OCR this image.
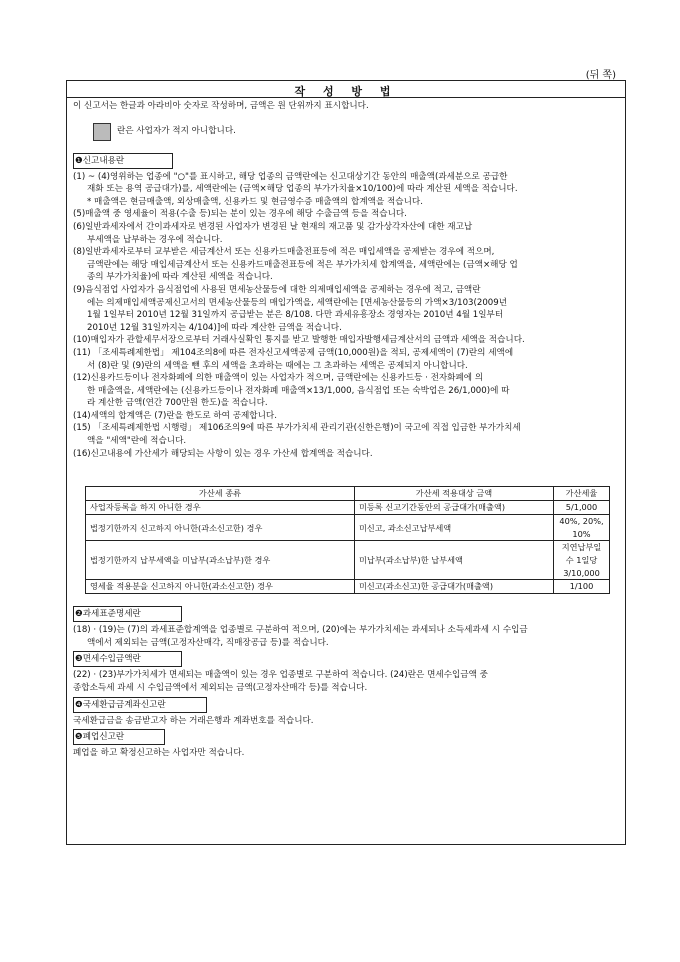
(뒤 쪽)
작 성 방 법

이 신고서는 한글과 아라비아 숫자로 작성하며, 금액은 원 단위까지 표시합니다.

란은 사업자가 적지 아니합니다.
❶신고내용란

(1) ~ (4)영위하는 업종에 "○"를 표시하고, 해당 업종의 금액란에는 신고대상기간 동안의 매출액(과세분으로 공급한

재화 또는 용역 공급대가)를, 세액란에는 (금액×해당 업종의 부가가치율×10/100)에 따라 계산된 세액을 적습니다.

* 매출액은 현금매출액, 외상매출액, 신용카드 및 현금영수증 매출액의 합계액을 적습니다.

(5)매출액 중 영세율이 적용(수출 등)되는 분이 있는 경우에 해당 수출금액 등을 적습니다.

(6)일반과세자에서 간이과세자로 변경된 사업자가 변경된 날 현재의 재고품 및 감가상각자산에 대한 재고납

부세액을 납부하는 경우에 적습니다.

(8)일반과세자로부터 교부받은 세금계산서 또는 신용카드매출전표등에 적은 매입세액을 공제받는 경우에 적으며,

금액란에는 해당 매입세금계산서 또는 신용카드매출전표등에 적은 부가가치세 합계액을, 세액란에는 (금액×해당 업

종의 부가가치율)에 따라 계산된 세액을 적습니다.

(9)음식점업 사업자가 음식점업에 사용된 면세농산물등에 대한 의제매입세액을 공제하는 경우에 적고, 금액란

에는 의제매입세액공제신고서의 면세농산물등의 매입가액을, 세액란에는 [면세농산물등의 가액×3/103(2009년

1월 1일부터 2010년 12월 31일까지 공급받는 분은 8/108. 다만 과세유흥장소 경영자는 2010년 4월 1일부터

2010년 12월 31일까지는 4/104)]에 따라 계산한 금액을 적습니다.

(10)매입자가 관할세무서장으로부터 거래사실확인 통지를 받고 발행한 매입자발행세금계산서의 금액과 세액을 적습니다.

(11) 「조세특례제한법」 제104조의8에 따른 전자신고세액공제 금액(10,000원)을 적되, 공제세액이 (7)란의 세액에

서 (8)란 및 (9)란의 세액을 뺀 후의 세액을 초과하는 때에는 그 초과하는 세액은 공제되지 아니합니다.

(12)신용카드등이나 전자화폐에 의한 매출액이 있는 사업자가 적으며, 금액란에는 신용카드등 · 전자화폐에 의

한 매출액을, 세액란에는 (신용카드등이나 전자화폐 매출액×13/1,000, 음식점업 또는 숙박업은 26/1,000)에 따

라 계산한 금액(연간 700만원 한도)을 적습니다.

(14)세액의 합계액은 (7)란을 한도로 하여 공제합니다.

(15) 「조세특례제한법 시행령」 제106조의9에 따른 부가가치세 관리기관(신한은행)이 국고에 직접 입금한 부가가치세

액을 "세액"란에 적습니다.

(16)신고내용에 가산세가 해당되는 사항이 있는 경우 가산세 합계액을 적습니다.

가산세 종류	가산세 적용대상 금액	가산세율
사업자등록을 하지 아니한 경우	미등록 신고기간동안의 공급대가(매출액)	5/1,000
법정기한까지 신고하지 아니한(과소신고한) 경우	미신고, 과소신고납부세액	40%, 20%, 10%
법정기한까지 납부세액을 미납부(과소납부)한 경우	미납부(과소납부)한 납부세액	지연납부일수 1일당 3/10,000
영세율 적용분을 신고하지 아니한(과소신고한) 경우	미신고(과소신고)한 공급대가(매출액)	1/100
❷과세표준명세란

(18) · (19)는 (7)의 과세표준합계액을 업종별로 구분하여 적으며, (20)에는 부가가치세는 과세되나 소득세과세 시 수입금

액에서 제외되는 금액(고정자산매각, 직매장공급 등)를 적습니다.

❸면세수입금액란

(22) · (23)부가가치세가 면세되는 매출액이 있는 경우 업종별로 구분하여 적습니다. (24)란은 면세수입금액 중

종합소득세 과세 시 수입금액에서 제외되는 금액(고정자산매각 등)를 적습니다.

❹국세환급금계좌신고란

국세환급금을 송금받고자 하는 거래은행과 계좌번호를 적습니다.

❺폐업신고란

폐업을 하고 확정신고하는 사업자만 적습니다.
